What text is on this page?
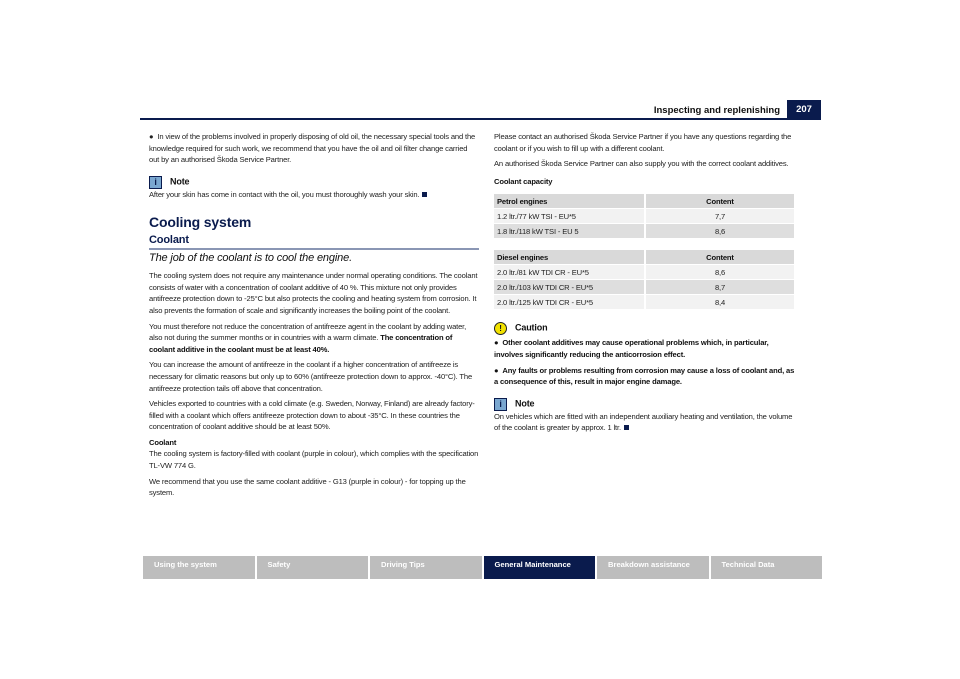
Inspecting and replenishing	207

●  In view of the problems involved in properly disposing of old oil, the necessary special tools and the knowledge required for such work, we recommend that you have the oil and oil filter change carried out by an authorised Škoda Service Partner.

i Note
After your skin has come in contact with the oil, you must thoroughly wash your skin.
Cooling system
Coolant
The job of the coolant is to cool the engine.

The cooling system does not require any maintenance under normal operating conditions. The coolant consists of water with a concentration of coolant additive of 40 %. This mixture not only provides antifreeze protection down to -25°C but also protects the cooling and heating system from corrosion. It also prevents the formation of scale and significantly increases the boiling point of the coolant.

You must therefore not reduce the concentration of antifreeze agent in the coolant by adding water, also not during the summer months or in countries with a warm climate. The concentration of coolant additive in the coolant must be at least 40%.

You can increase the amount of antifreeze in the coolant if a higher concentration of antifreeze is necessary for climatic reasons but only up to 60% (antifreeze protection down to approx. -40°C). The antifreeze protection tails off above that concentration.

Vehicles exported to countries with a cold climate (e.g. Sweden, Norway, Finland) are already factory-filled with a coolant which offers antifreeze protection down to about -35°C. In these countries the concentration of coolant additive should be at least 50%.

Coolant

The cooling system is factory-filled with coolant (purple in colour), which complies with the specification TL-VW 774 G.

We recommend that you use the same coolant additive - G13 (purple in colour) - for topping up the system.

Please contact an authorised Škoda Service Partner if you have any questions regarding the coolant or if you wish to fill up with a different coolant.

An authorised Škoda Service Partner can also supply you with the correct coolant additives.

Coolant capacity
Petrol engines	Content
1.2 ltr./77 kW TSI - EU*5	7,7
1.8 ltr./118 kW TSI - EU 5	8,6
Diesel engines	Content
2.0 ltr./81 kW TDI CR - EU*5	8,6
2.0 ltr./103 kW TDI CR - EU*5	8,7
2.0 ltr./125 kW TDI CR - EU*5	8,4
! Caution

●  Other coolant additives may cause operational problems which, in particular, involves significantly reducing the anticorrosion effect.

●  Any faults or problems resulting from corrosion may cause a loss of coolant and, as a consequence of this, result in major engine damage.

i Note
On vehicles which are fitted with an independent auxiliary heating and ventilation, the volume of the coolant is greater by approx. 1 ltr.
Using the system	Safety	Driving Tips	General Maintenance	Breakdown assistance	Technical Data
